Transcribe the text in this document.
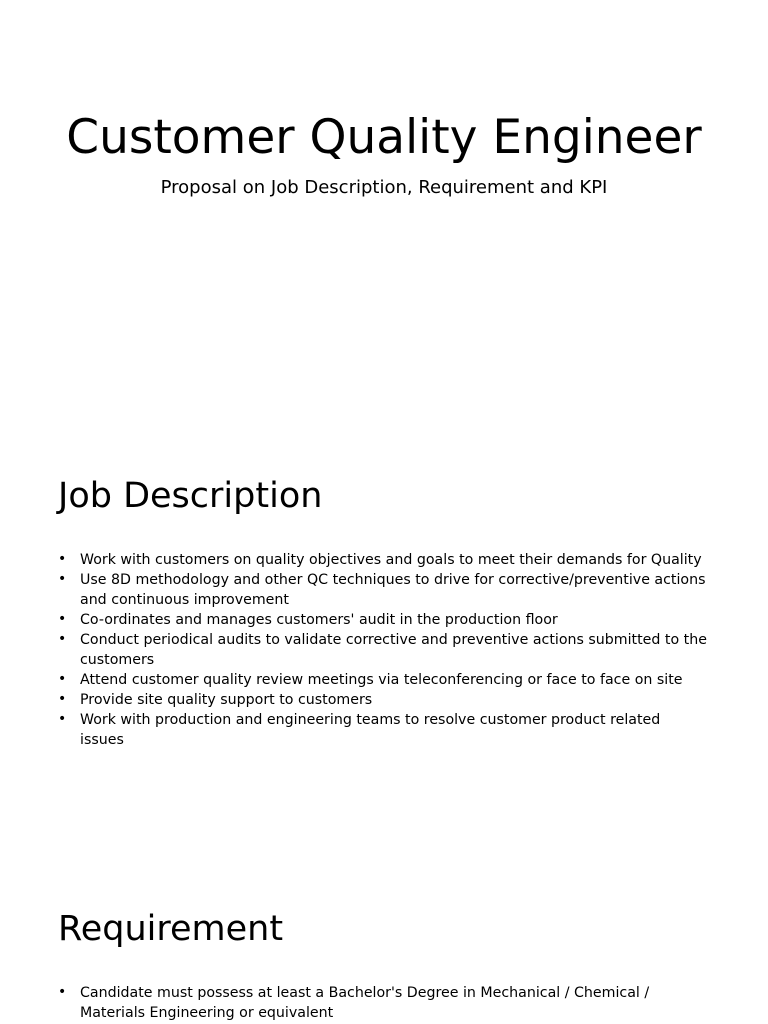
Customer Quality Engineer

Proposal on Job Description, Requirement and KPI

Job Description
• Work with customers on quality objectives and goals to meet their demands for Quality
• Use 8D methodology and other QC techniques to drive for corrective/preventive actions and continuous improvement
• Co-ordinates and manages customers' audit in the production floor
• Conduct periodical audits to validate corrective and preventive actions submitted to the customers
• Attend customer quality review meetings via teleconferencing or face to face on site
• Provide site quality support to customers
• Work with production and engineering teams to resolve customer product related issues
Requirement
• Candidate must possess at least a Bachelor's Degree in Mechanical / Chemical / Materials Engineering or equivalent
